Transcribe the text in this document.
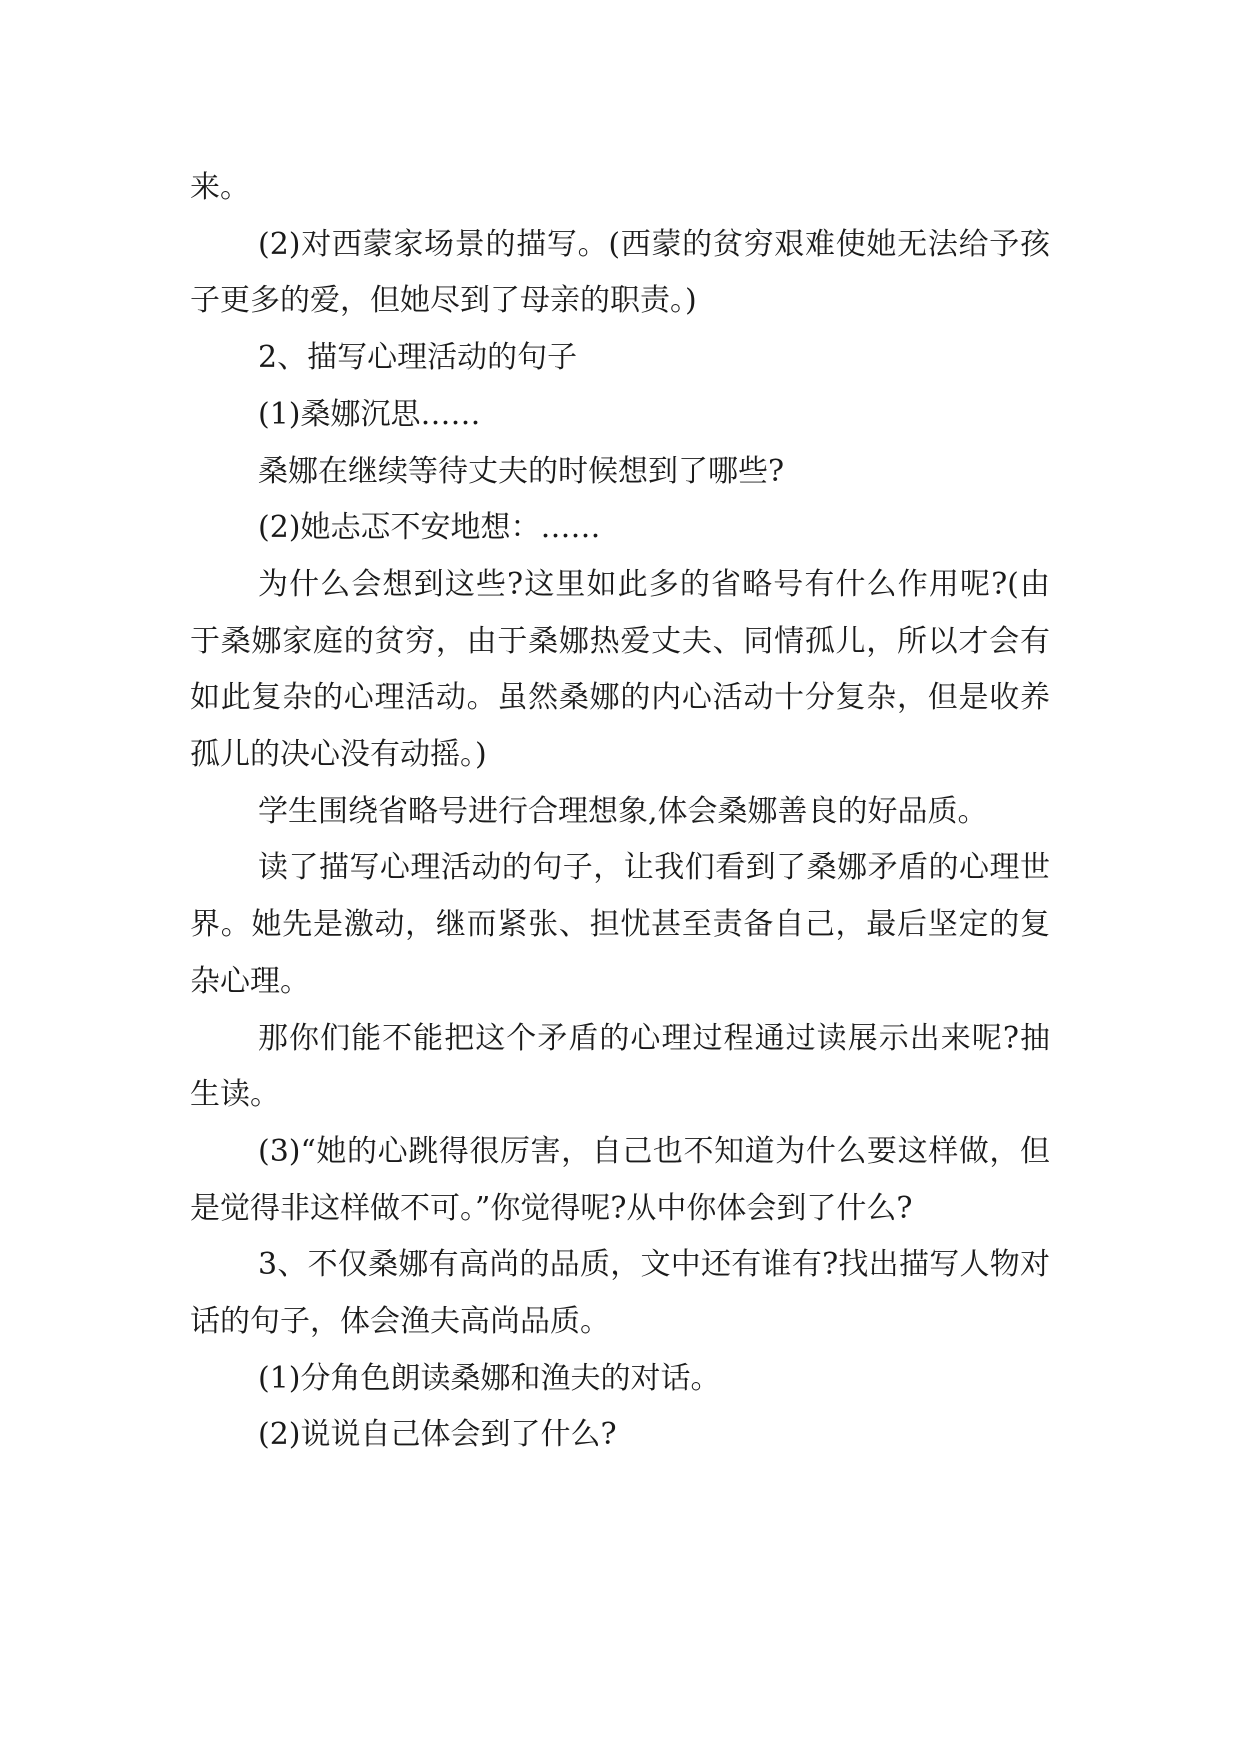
来。

(2)对西蒙家场景的描写。(西蒙的贫穷艰难使她无法给予孩子更多的爱，但她尽到了母亲的职责。)

2、描写心理活动的句子

(1)桑娜沉思……

桑娜在继续等待丈夫的时候想到了哪些?

(2)她忐忑不安地想：……

为什么会想到这些?这里如此多的省略号有什么作用呢?(由于桑娜家庭的贫穷，由于桑娜热爱丈夫、同情孤儿，所以才会有如此复杂的心理活动。虽然桑娜的内心活动十分复杂，但是收养孤儿的决心没有动摇。)

学生围绕省略号进行合理想象,体会桑娜善良的好品质。

读了描写心理活动的句子，让我们看到了桑娜矛盾的心理世界。她先是激动，继而紧张、担忧甚至责备自己，最后坚定的复杂心理。

那你们能不能把这个矛盾的心理过程通过读展示出来呢?抽生读。

(3)“她的心跳得很厉害，自己也不知道为什么要这样做，但是觉得非这样做不可。”你觉得呢?从中你体会到了什么?

3、不仅桑娜有高尚的品质，文中还有谁有?找出描写人物对话的句子，体会渔夫高尚品质。

(1)分角色朗读桑娜和渔夫的对话。

(2)说说自己体会到了什么?
